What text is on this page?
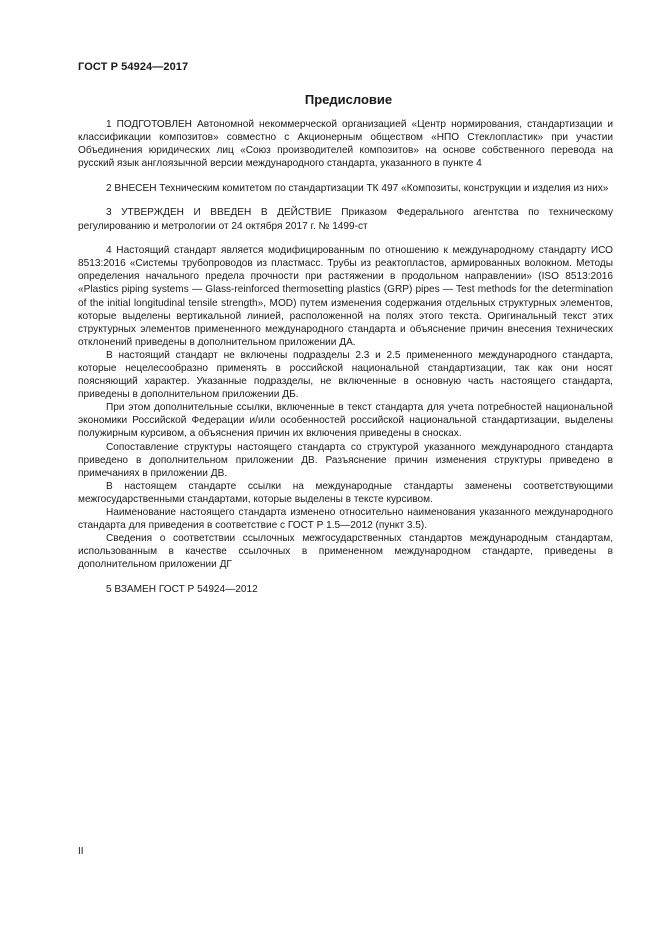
ГОСТ Р 54924—2017
Предисловие

1 ПОДГОТОВЛЕН Автономной некоммерческой организацией «Центр нормирования, стандартизации и классификации композитов» совместно с Акционерным обществом «НПО Стеклопластик» при участии Объединения юридических лиц «Союз производителей композитов» на основе собственного перевода на русский язык англоязычной версии международного стандарта, указанного в пункте 4

2 ВНЕСЕН Техническим комитетом по стандартизации ТК 497 «Композиты, конструкции и изделия из них»

3 УТВЕРЖДЕН И ВВЕДЕН В ДЕЙСТВИЕ Приказом Федерального агентства по техническому регулированию и метрологии от 24 октября 2017 г. № 1499-ст

4 Настоящий стандарт является модифицированным по отношению к международному стандарту ИСО 8513:2016 «Системы трубопроводов из пластмасс. Трубы из реактопластов, армированных волокном. Методы определения начального предела прочности при растяжении в продольном направлении» (ISO 8513:2016 «Plastics piping systems — Glass-reinforced thermosetting plastics (GRP) pipes — Test methods for the determination of the initial longitudinal tensile strength», MOD) путем изменения содержания отдельных структурных элементов, которые выделены вертикальной линией, расположенной на полях этого текста. Оригинальный текст этих структурных элементов примененного международного стандарта и объяснение причин внесения технических отклонений приведены в дополнительном приложении ДА.

В настоящий стандарт не включены подразделы 2.3 и 2.5 примененного международного стандарта, которые нецелесообразно применять в российской национальной стандартизации, так как они носят поясняющий характер. Указанные подразделы, не включенные в основную часть настоящего стандарта, приведены в дополнительном приложении ДБ.

При этом дополнительные ссылки, включенные в текст стандарта для учета потребностей национальной экономики Российской Федерации и/или особенностей российской национальной стандартизации, выделены полужирным курсивом, а объяснения причин их включения приведены в сносках.

Сопоставление структуры настоящего стандарта со структурой указанного международного стандарта приведено в дополнительном приложении ДВ. Разъяснение причин изменения структуры приведено в примечаниях в приложении ДВ.

В настоящем стандарте ссылки на международные стандарты заменены соответствующими межгосударственными стандартами, которые выделены в тексте курсивом.

Наименование настоящего стандарта изменено относительно наименования указанного международного стандарта для приведения в соответствие с ГОСТ Р 1.5—2012 (пункт 3.5).

Сведения о соответствии ссылочных межгосударственных стандартов международным стандартам, использованным в качестве ссылочных в примененном международном стандарте, приведены в дополнительном приложении ДГ

5 ВЗАМЕН ГОСТ Р 54924—2012

II
